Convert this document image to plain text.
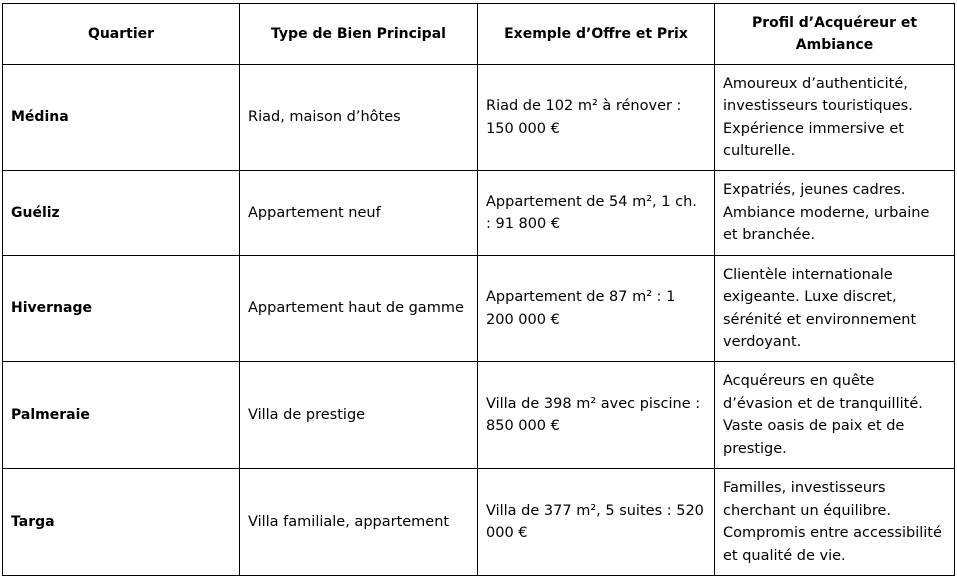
Quartier	Type de Bien Principal	Exemple d’Offre et Prix	Profil d’Acquéreur et Ambiance
Médina	Riad, maison d’hôtes	Riad de 102 m² à rénover : 150 000 €	Amoureux d’authenticité, investisseurs touristiques. Expérience immersive et culturelle.
Guéliz	Appartement neuf	Appartement de 54 m², 1 ch. : 91 800 €	Expatriés, jeunes cadres. Ambiance moderne, urbaine et branchée.
Hivernage	Appartement haut de gamme	Appartement de 87 m² : 1 200 000 €	Clientèle internationale exigeante. Luxe discret, sérénité et environnement verdoyant.
Palmeraie	Villa de prestige	Villa de 398 m² avec piscine : 850 000 €	Acquéreurs en quête d’évasion et de tranquillité. Vaste oasis de paix et de prestige.
Targa	Villa familiale, appartement	Villa de 377 m², 5 suites : 520 000 €	Familles, investisseurs cherchant un équilibre. Compromis entre accessibilité et qualité de vie.
